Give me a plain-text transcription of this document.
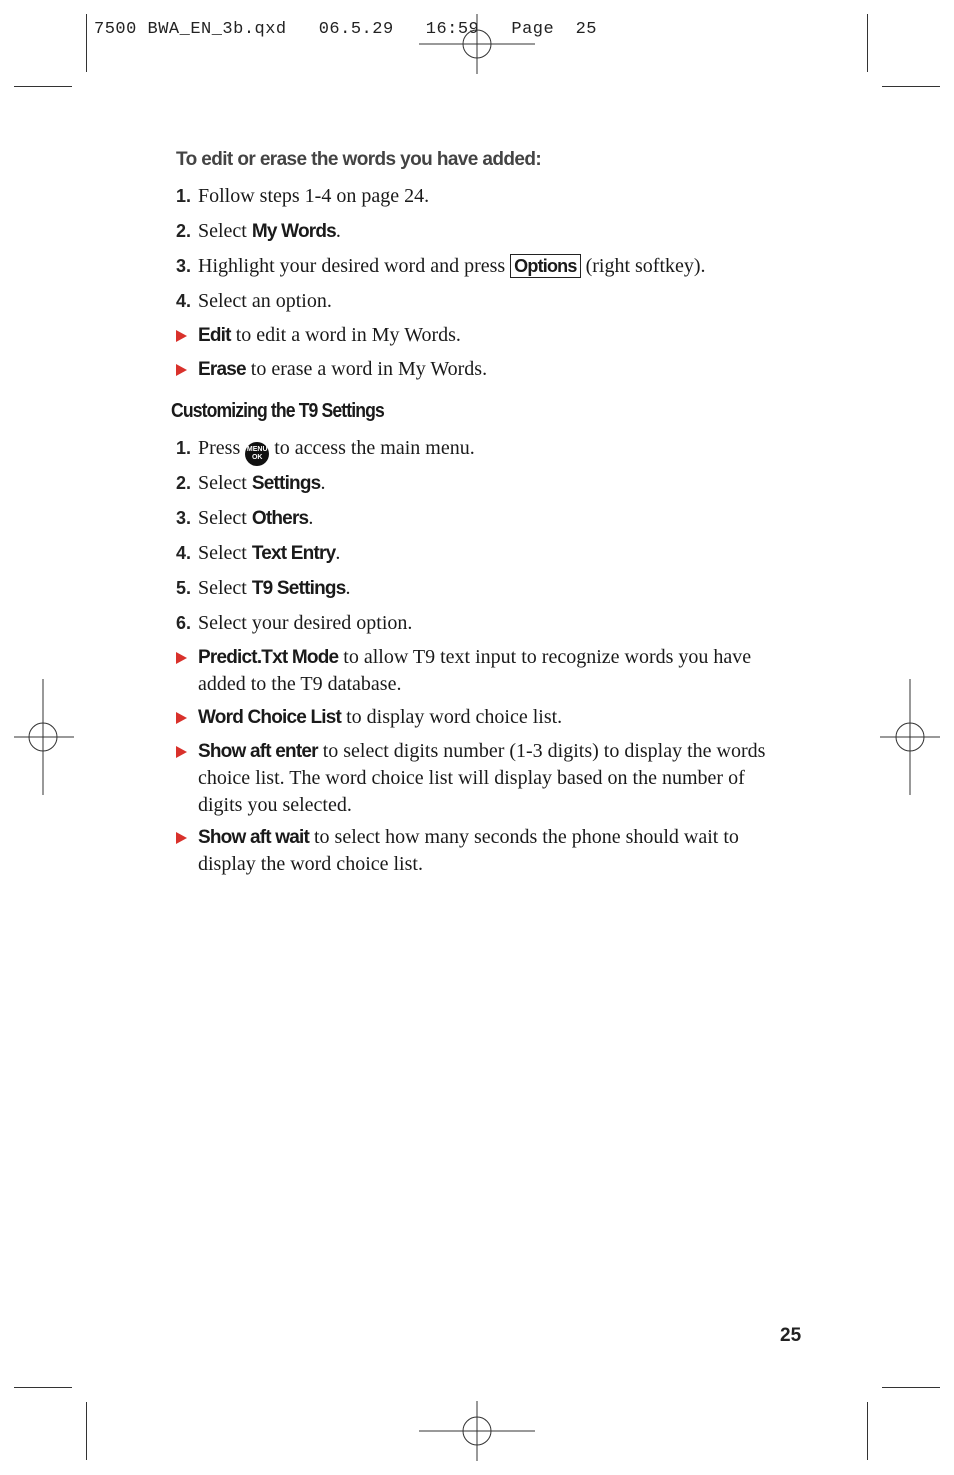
7500 BWA_EN_3b.qxd   06.5.29   16:59   Page  25
To edit or erase the words you have added:
1. Follow steps 1-4 on page 24.
2. Select My Words.
3. Highlight your desired word and press Options (right softkey).
4. Select an option.
Edit to edit a word in My Words.
Erase to erase a word in My Words.
Customizing the T9 Settings
1. Press MENU
OK to access the main menu.
2. Select Settings.
3. Select Others.
4. Select Text Entry.
5. Select T9 Settings.
6. Select your desired option.
Predict.Txt Mode to allow T9 text input to recognize words you have added to the T9 database.
Word Choice List to display word choice list.
Show aft enter to select digits number (1-3 digits) to display the words choice list. The word choice list will display based on the number of digits you selected.
Show aft wait to select how many seconds the phone should wait to display the word choice list.
25
